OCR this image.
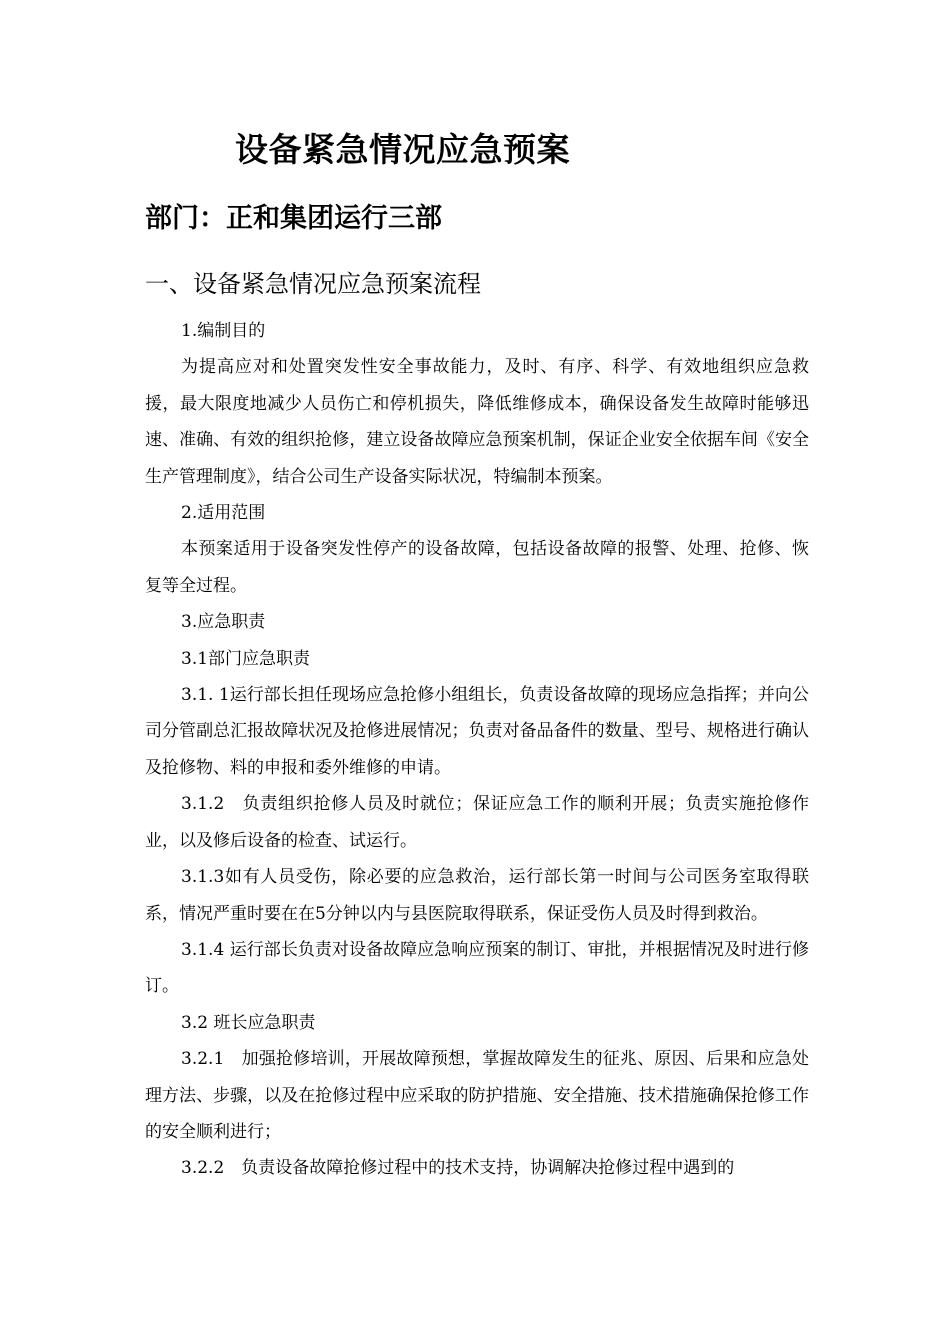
设备紧急情况应急预案
部门：正和集团运行三部
一、设备紧急情况应急预案流程

1.编制目的

为提高应对和处置突发性安全事故能力，及时、有序、科学、有效地组织应急救援，最大限度地减少人员伤亡和停机损失，降低维修成本，确保设备发生故障时能够迅速、准确、有效的组织抢修，建立设备故障应急预案机制，保证企业安全依据车间《安全生产管理制度》，结合公司生产设备实际状况，特编制本预案。

2.适用范围

本预案适用于设备突发性停产的设备故障，包括设备故障的报警、处理、抢修、恢复等全过程。

3.应急职责

3.1部门应急职责

3.1. 1运行部长担任现场应急抢修小组组长，负责设备故障的现场应急指挥；并向公司分管副总汇报故障状况及抢修进展情况；负责对备品备件的数量、型号、规格进行确认及抢修物、料的申报和委外维修的申请。

3.1.2　负责组织抢修人员及时就位；保证应急工作的顺利开展；负责实施抢修作业，以及修后设备的检查、试运行。

3.1.3如有人员受伤，除必要的应急救治，运行部长第一时间与公司医务室取得联系，情况严重时要在在5分钟以内与县医院取得联系，保证受伤人员及时得到救治。

3.1.4 运行部长负责对设备故障应急响应预案的制订、审批，并根据情况及时进行修订。

3.2 班长应急职责

3.2.1　加强抢修培训，开展故障预想，掌握故障发生的征兆、原因、后果和应急处理方法、步骤，以及在抢修过程中应采取的防护措施、安全措施、技术措施确保抢修工作的安全顺利进行；

3.2.2　负责设备故障抢修过程中的技术支持，协调解决抢修过程中遇到的
